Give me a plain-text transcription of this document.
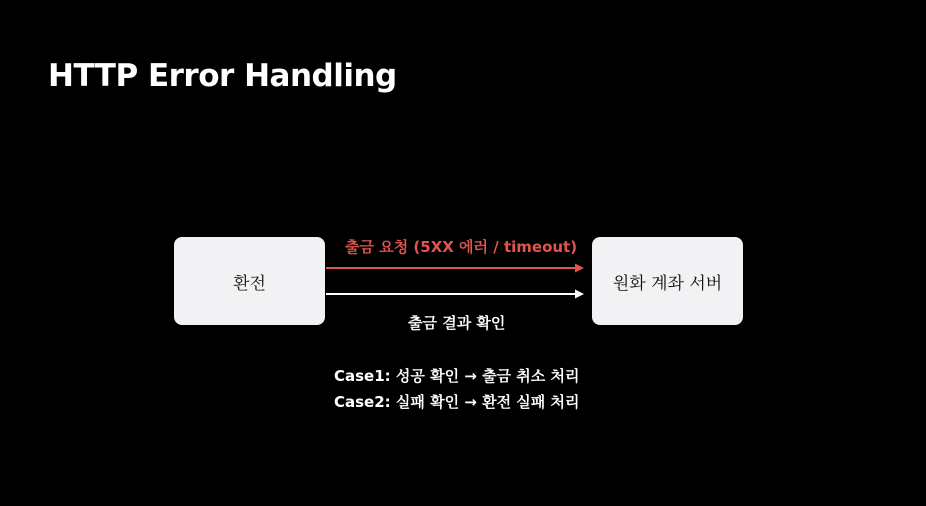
HTTP Error Handling
환전	원화 계좌 서버
출금 요청 (5XX 에러 / timeout)
출금 결과 확인
Case1: 성공 확인 → 출금 취소 처리
Case2: 실패 확인 → 환전 실패 처리
